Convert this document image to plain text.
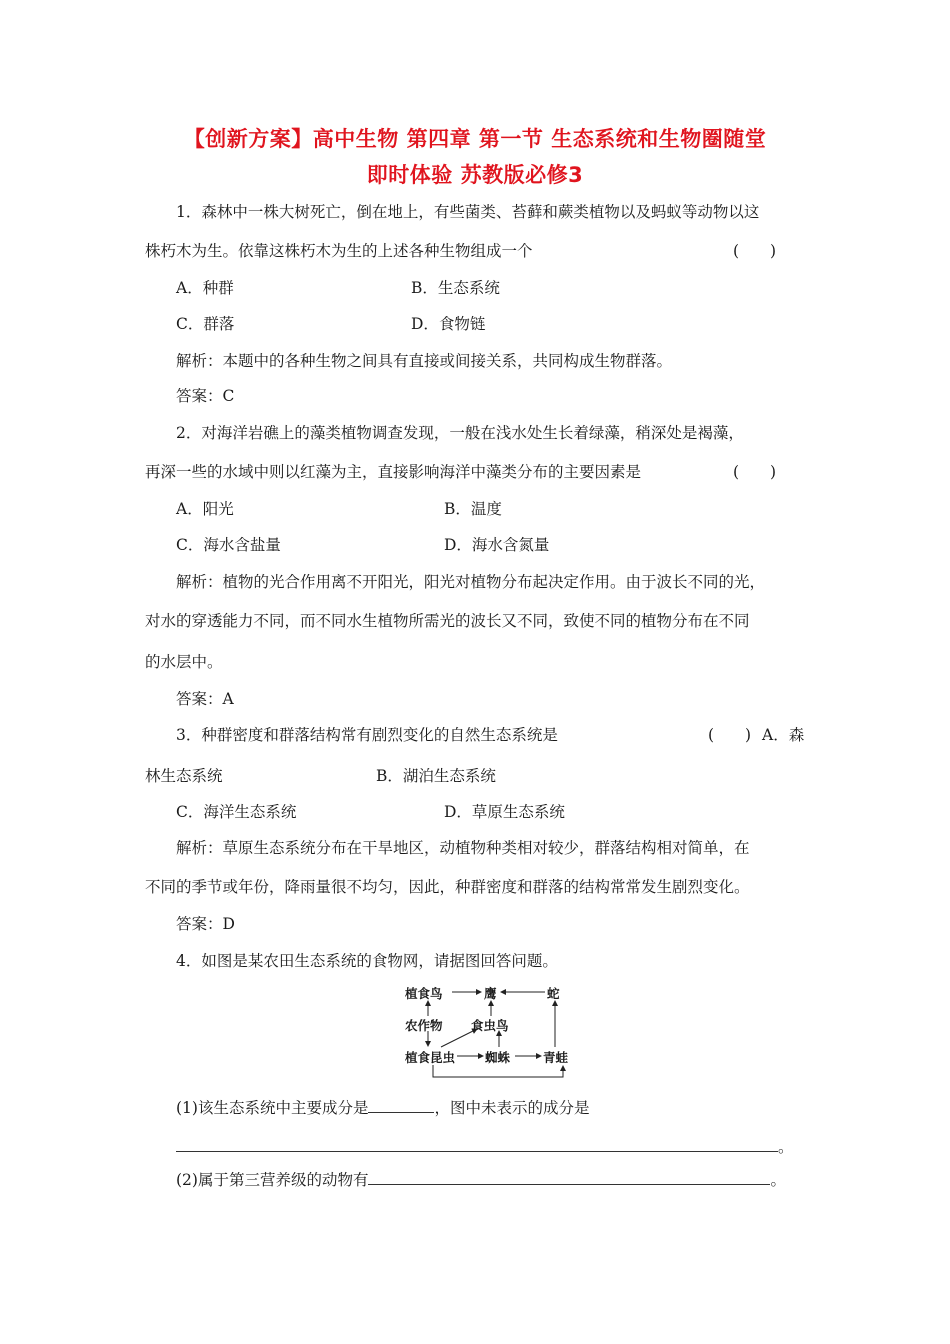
【创新方案】高中生物 第四章 第一节 生态系统和生物圈随堂
即时体验 苏教版必修3
1．森林中一株大树死亡，倒在地上，有些菌类、苔藓和蕨类植物以及蚂蚁等动物以这
株朽木为生。依靠这株朽木为生的上述各种生物组成一个	(　　)
A．种群	B．生态系统
C．群落	D．食物链
解析：本题中的各种生物之间具有直接或间接关系，共同构成生物群落。
答案：C
2．对海洋岩礁上的藻类植物调查发现，一般在浅水处生长着绿藻，稍深处是褐藻，
再深一些的水域中则以红藻为主，直接影响海洋中藻类分布的主要因素是	(　　)
A．阳光	B．温度
C．海水含盐量	D．海水含氮量
解析：植物的光合作用离不开阳光，阳光对植物分布起决定作用。由于波长不同的光，
对水的穿透能力不同，而不同水生植物所需光的波长又不同，致使不同的植物分布在不同
的水层中。
答案：A
3．种群密度和群落结构常有剧烈变化的自然生态系统是	(　　) A．森
林生态系统	B．湖泊生态系统
C．海洋生态系统	D．草原生态系统
解析：草原生态系统分布在干旱地区，动植物种类相对较少，群落结构相对简单，在
不同的季节或年份，降雨量很不均匀，因此，种群密度和群落的结构常常发生剧烈变化。
答案：D
4．如图是某农田生态系统的食物网，请据图回答问题。
植食鸟	鹰	蛇
农作物 食虫鸟
植食昆虫 蜘蛛	青蛙
(1)该生态系统中主要成分是	，图中未表示的成分是
。
(2)属于第三营养级的动物有	。
